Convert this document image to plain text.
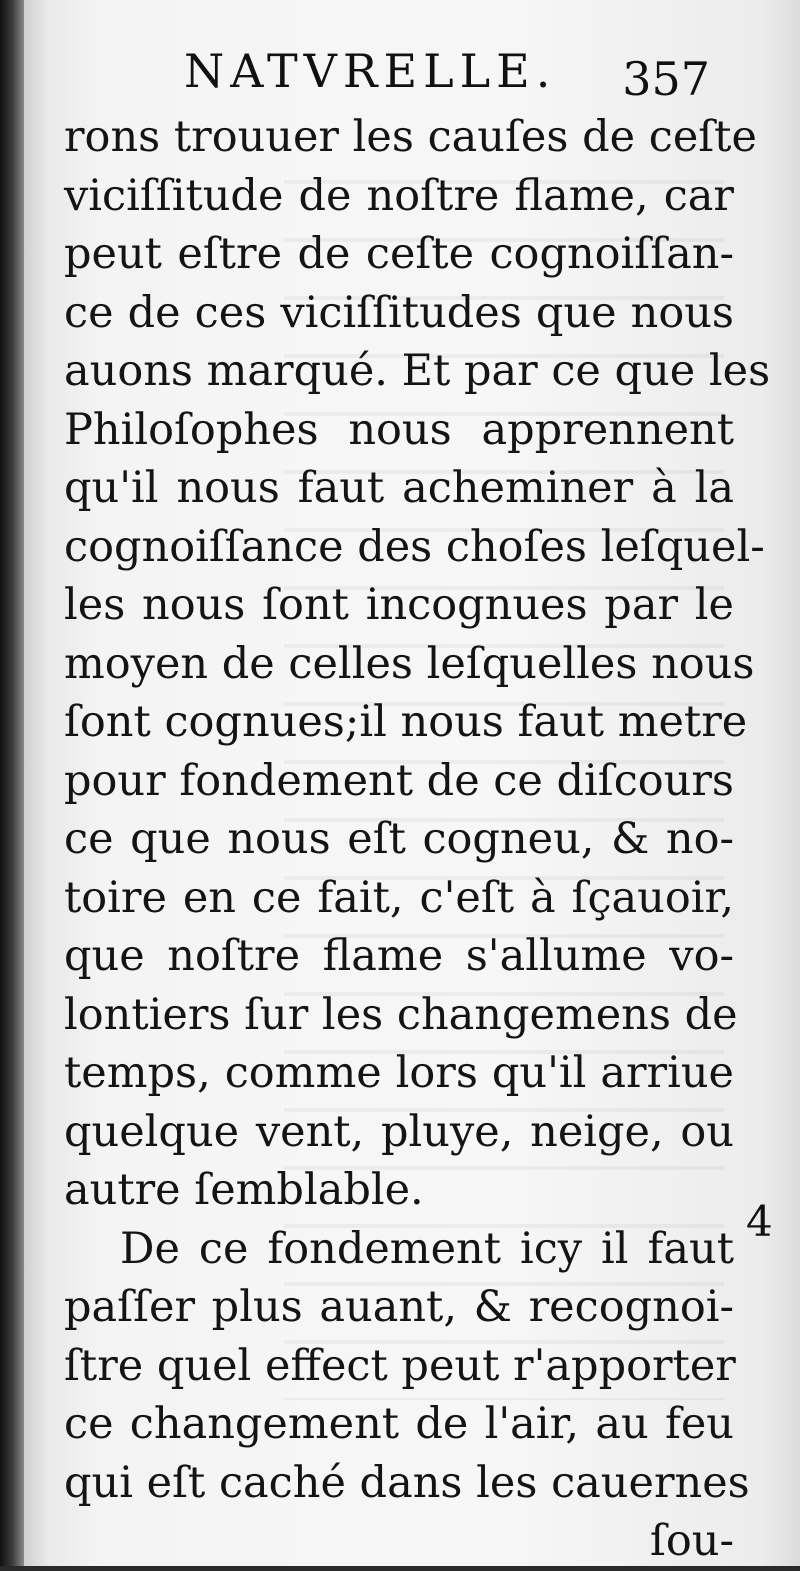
NATVRELLE. 357
4
rons trouuer les cauſes de ceſte
viciſſitude de noſtre flame, car
peut eſtre de ceſte cognoiſſan-
ce de ces viciſſitudes que nous
auons marqué. Et par ce que les
Philoſophes nous apprennent
qu'il nous faut acheminer à la
cognoiſſance des choſes leſquel-
les nous ſont incognues par le
moyen de celles leſquelles nous
ſont cognues;il nous faut metre
pour fondement de ce diſcours
ce que nous eſt cogneu, & no-
toire en ce fait, c'eſt à ſçauoir,
que noſtre flame s'allume vo-
lontiers ſur les changemens de
temps, comme lors qu'il arriue
quelque vent, pluye, neige, ou
autre ſemblable.
De ce fondement icy il faut
paſſer plus auant, & recognoi-
ſtre quel effect peut r'apporter
ce changement de l'air, au feu
qui eſt caché dans les cauernes
ſou-
